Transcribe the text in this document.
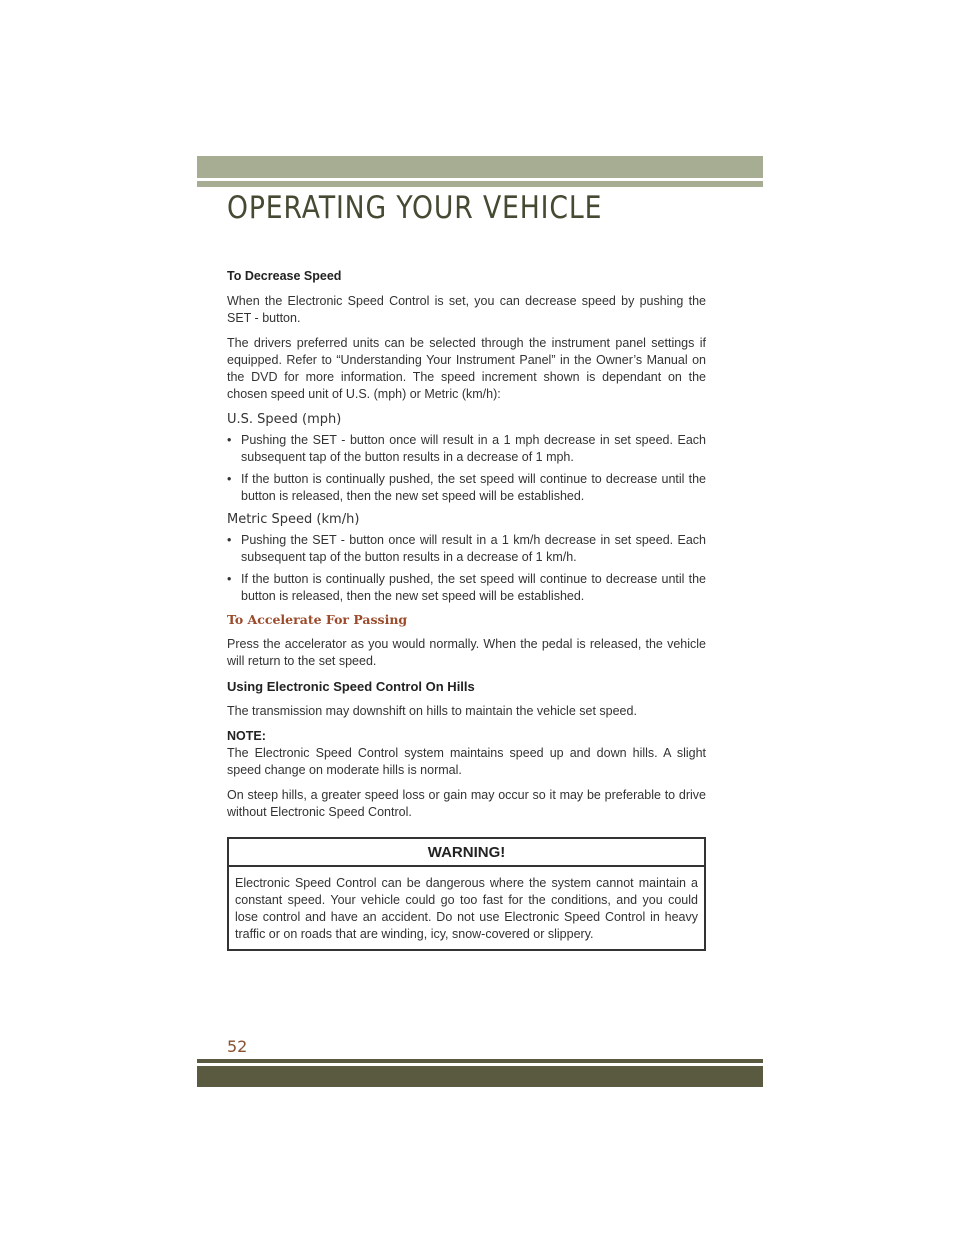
OPERATING YOUR VEHICLE
To Decrease Speed

When the Electronic Speed Control is set, you can decrease speed by pushing the SET - button.

The drivers preferred units can be selected through the instrument panel settings if equipped. Refer to “Understanding Your Instrument Panel” in the Owner’s Manual on the DVD for more information. The speed increment shown is dependant on the chosen speed unit of U.S. (mph) or Metric (km/h):

U.S. Speed (mph)
• Pushing the SET - button once will result in a 1 mph decrease in set speed. Each subsequent tap of the button results in a decrease of 1 mph.
• If the button is continually pushed, the set speed will continue to decrease until the button is released, then the new set speed will be established.
Metric Speed (km/h)
• Pushing the SET - button once will result in a 1 km/h decrease in set speed. Each subsequent tap of the button results in a decrease of 1 km/h.
• If the button is continually pushed, the set speed will continue to decrease until the button is released, then the new set speed will be established.
To Accelerate For Passing

Press the accelerator as you would normally. When the pedal is released, the vehicle will return to the set speed.

Using Electronic Speed Control On Hills

The transmission may downshift on hills to maintain the vehicle set speed.

NOTE:

The Electronic Speed Control system maintains speed up and down hills. A slight speed change on moderate hills is normal.

On steep hills, a greater speed loss or gain may occur so it may be preferable to drive without Electronic Speed Control.

WARNING!
Electronic Speed Control can be dangerous where the system cannot maintain a constant speed. Your vehicle could go too fast for the conditions, and you could lose control and have an accident. Do not use Electronic Speed Control in heavy traffic or on roads that are winding, icy, snow-covered or slippery.
52
